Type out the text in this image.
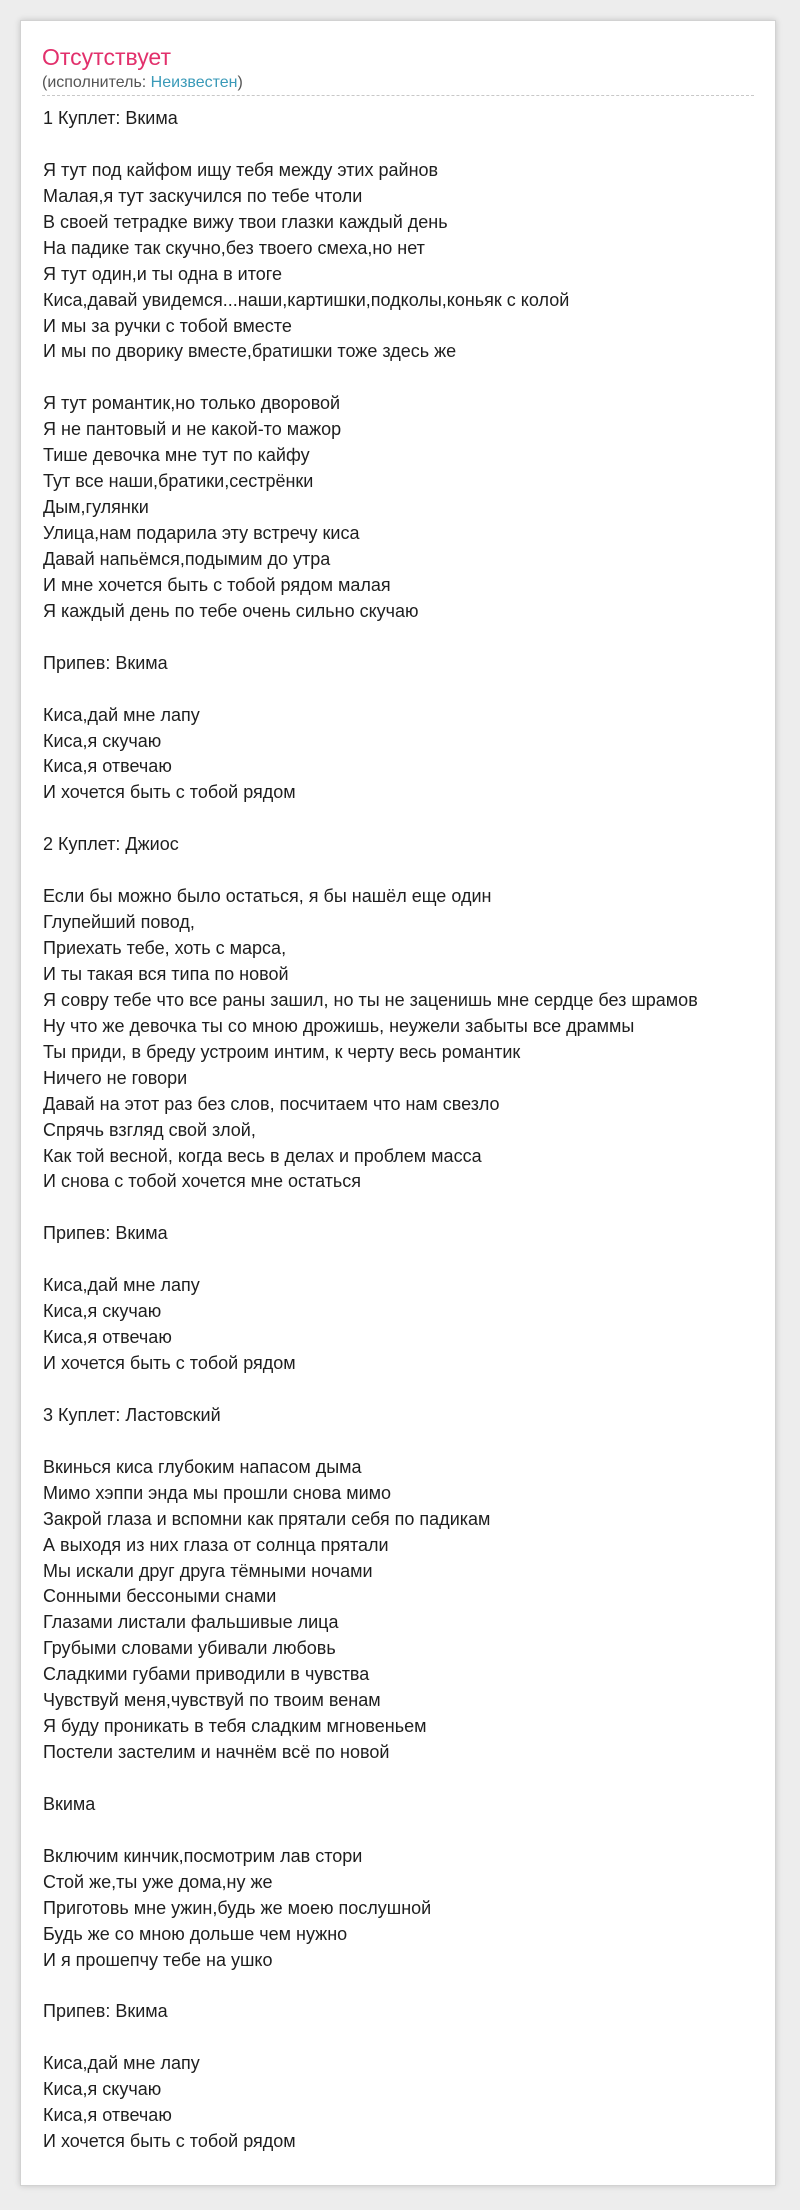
Отсутствует
(исполнитель: Неизвестен)
1 Куплет: Вкима
Я тут под кайфом ищу тебя между этих райнов
Малая,я тут заскучился по тебе чтоли
В своей тетрадке вижу твои глазки каждый день
На падике так скучно,без твоего смеха,но нет
Я тут один,и ты одна в итоге
Киса,давай увидемся...наши,картишки,подколы,коньяк с колой
И мы за ручки с тобой вместе
И мы по дворику вместе,братишки тоже здесь же
Я тут романтик,но только дворовой
Я не пантовый и не какой-то мажор
Тише девочка мне тут по кайфу
Тут все наши,братики,сестрёнки
Дым,гулянки
Улица,нам подарила эту встречу киса
Давай напьёмся,подымим до утра
И мне хочется быть с тобой рядом малая
Я каждый день по тебе очень сильно скучаю
Припев: Вкима
Киса,дай мне лапу
Киса,я скучаю
Киса,я отвечаю
И хочется быть с тобой рядом
2 Куплет: Джиос
Если бы можно было остаться, я бы нашёл еще один
Глупейший повод,
Приехать тебе, хоть с марса,
И ты такая вся типа по новой
Я совру тебе что все раны зашил, но ты не заценишь мне сердце без шрамов
Ну что же девочка ты со мною дрожишь, неужели забыты все драммы
Ты приди, в бреду устроим интим, к черту весь романтик
Ничего не говори
Давай на этот раз без слов, посчитаем что нам свезло
Спрячь взгляд свой злой,
Как той весной, когда весь в делах и проблем масса
И снова с тобой хочется мне остаться
Припев: Вкима
Киса,дай мне лапу
Киса,я скучаю
Киса,я отвечаю
И хочется быть с тобой рядом
3 Куплет: Ластовский
Вкинься киса глубоким напасом дыма
Мимо хэппи энда мы прошли снова мимо
Закрой глаза и вспомни как прятали себя по падикам
А выходя из них глаза от солнца прятали
Мы искали друг друга тёмными ночами
Сонными бессоными снами
Глазами листали фальшивые лица
Грубыми словами убивали любовь
Сладкими губами приводили в чувства
Чувствуй меня,чувствуй по твоим венам
Я буду проникать в тебя сладким мгновеньем
Постели застелим и начнём всё по новой
Вкима
Включим кинчик,посмотрим лав стори
Стой же,ты уже дома,ну же
Приготовь мне ужин,будь же моею послушной
Будь же со мною дольше чем нужно
И я прошепчу тебе на ушко
Припев: Вкима
Киса,дай мне лапу
Киса,я скучаю
Киса,я отвечаю
И хочется быть с тобой рядом
